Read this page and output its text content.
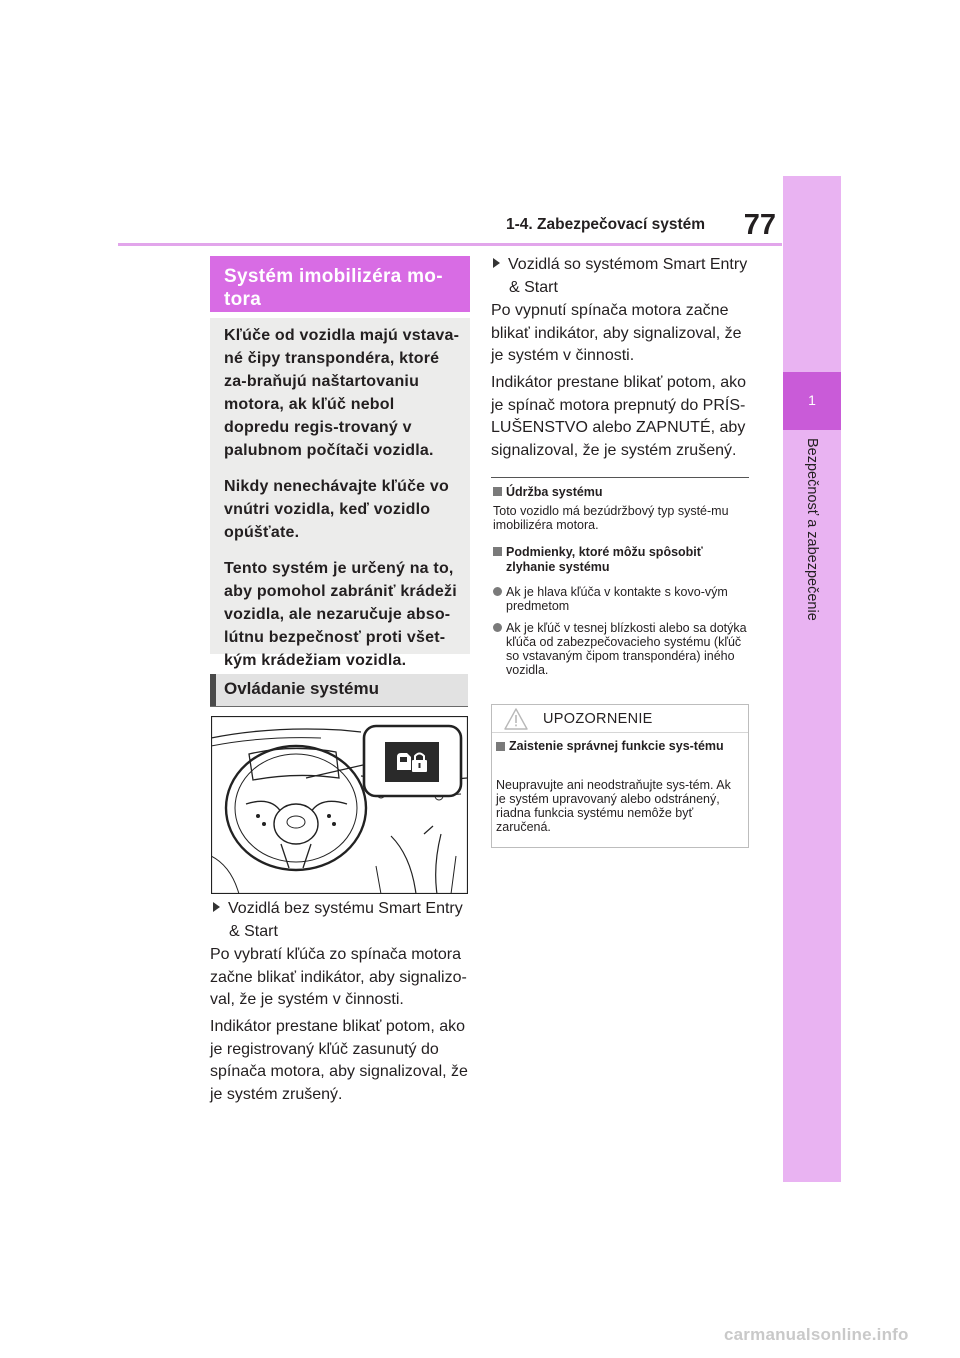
1-4. Zabezpečovací systém	77
1
Bezpečnosť a zabezpečenie
Systém imobilizéra mo-
tora

Kľúče od vozidla majú vstava-né čipy transpondéra, ktoré za-braňujú naštartovaniu motora, ak kľúč nebol dopredu regis-trovaný v palubnom počítači vozidla.

Nikdy nenechávajte kľúče vo vnútri vozidla, keď vozidlo opúšťate.

Tento systém je určený na to, aby pomohol zabrániť krádeži vozidla, ale nezaručuje abso-lútnu bezpečnosť proti všet-kým krádežiam vozidla.

Ovládanie systému
Vozidlá bez systému Smart Entry
& Start
Po vybratí kľúča zo spínača motora začne blikať indikátor, aby signalizo-val, že je systém v činnosti.
Indikátor prestane blikať potom, ako je registrovaný kľúč zasunutý do spínača motora, aby signalizoval, že je systém zrušený.
Vozidlá so systémom Smart Entry
& Start
Po vypnutí spínača motora začne blikať indikátor, aby signalizoval, že je systém v činnosti.
Indikátor prestane blikať potom, ako je spínač motora prepnutý do PRÍS-LUŠENSTVO alebo ZAPNUTÉ, aby signalizoval, že je systém zrušený.
Údržba systému
Toto vozidlo má bezúdržbový typ systé-mu imobilizéra motora.
Podmienky, ktoré môžu spôsobiť
zlyhanie systému
Ak je hlava kľúča v kontakte s kovo-vým predmetom
Ak je kľúč v tesnej blízkosti alebo sa dotýka kľúča od zabezpečovacieho systému (kľúč so vstavaným čipom transpondéra) iného vozidla.
UPOZORNENIE
Zaistenie správnej funkcie sys-tému
Neupravujte ani neodstraňujte sys-tém. Ak je systém upravovaný alebo odstránený, riadna funkcia systému nemôže byť zaručená.
carmanualsonline.info
